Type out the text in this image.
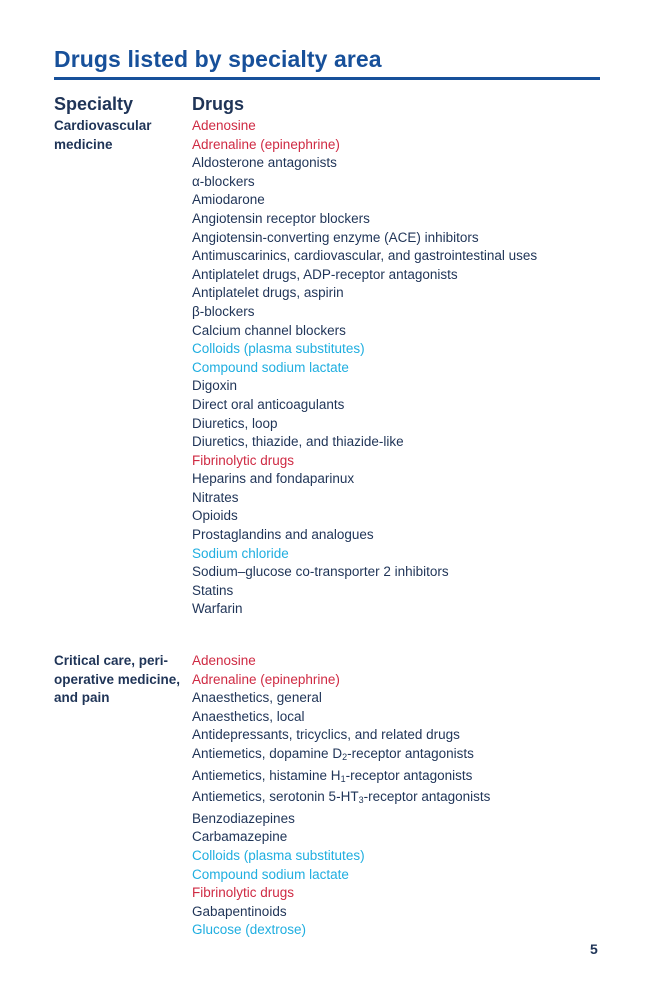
Drugs listed by specialty area
Specialty	Drugs
Cardiovascular medicine
Adenosine
Adrenaline (epinephrine)
Aldosterone antagonists
α-blockers
Amiodarone
Angiotensin receptor blockers
Angiotensin-converting enzyme (ACE) inhibitors
Antimuscarinics, cardiovascular, and gastrointestinal uses
Antiplatelet drugs, ADP-receptor antagonists
Antiplatelet drugs, aspirin
β-blockers
Calcium channel blockers
Colloids (plasma substitutes)
Compound sodium lactate
Digoxin
Direct oral anticoagulants
Diuretics, loop
Diuretics, thiazide, and thiazide-like
Fibrinolytic drugs
Heparins and fondaparinux
Nitrates
Opioids
Prostaglandins and analogues
Sodium chloride
Sodium–glucose co-transporter 2 inhibitors
Statins
Warfarin
Critical care, peri-operative medicine, and pain
Adenosine
Adrenaline (epinephrine)
Anaesthetics, general
Anaesthetics, local
Antidepressants, tricyclics, and related drugs
Antiemetics, dopamine $D_2$-receptor antagonists
Antiemetics, histamine $H_1$-receptor antagonists
Antiemetics, serotonin $5-HT_3$-receptor antagonists
Benzodiazepines
Carbamazepine
Colloids (plasma substitutes)
Compound sodium lactate
Fibrinolytic drugs
Gabapentinoids
Glucose (dextrose)
5
